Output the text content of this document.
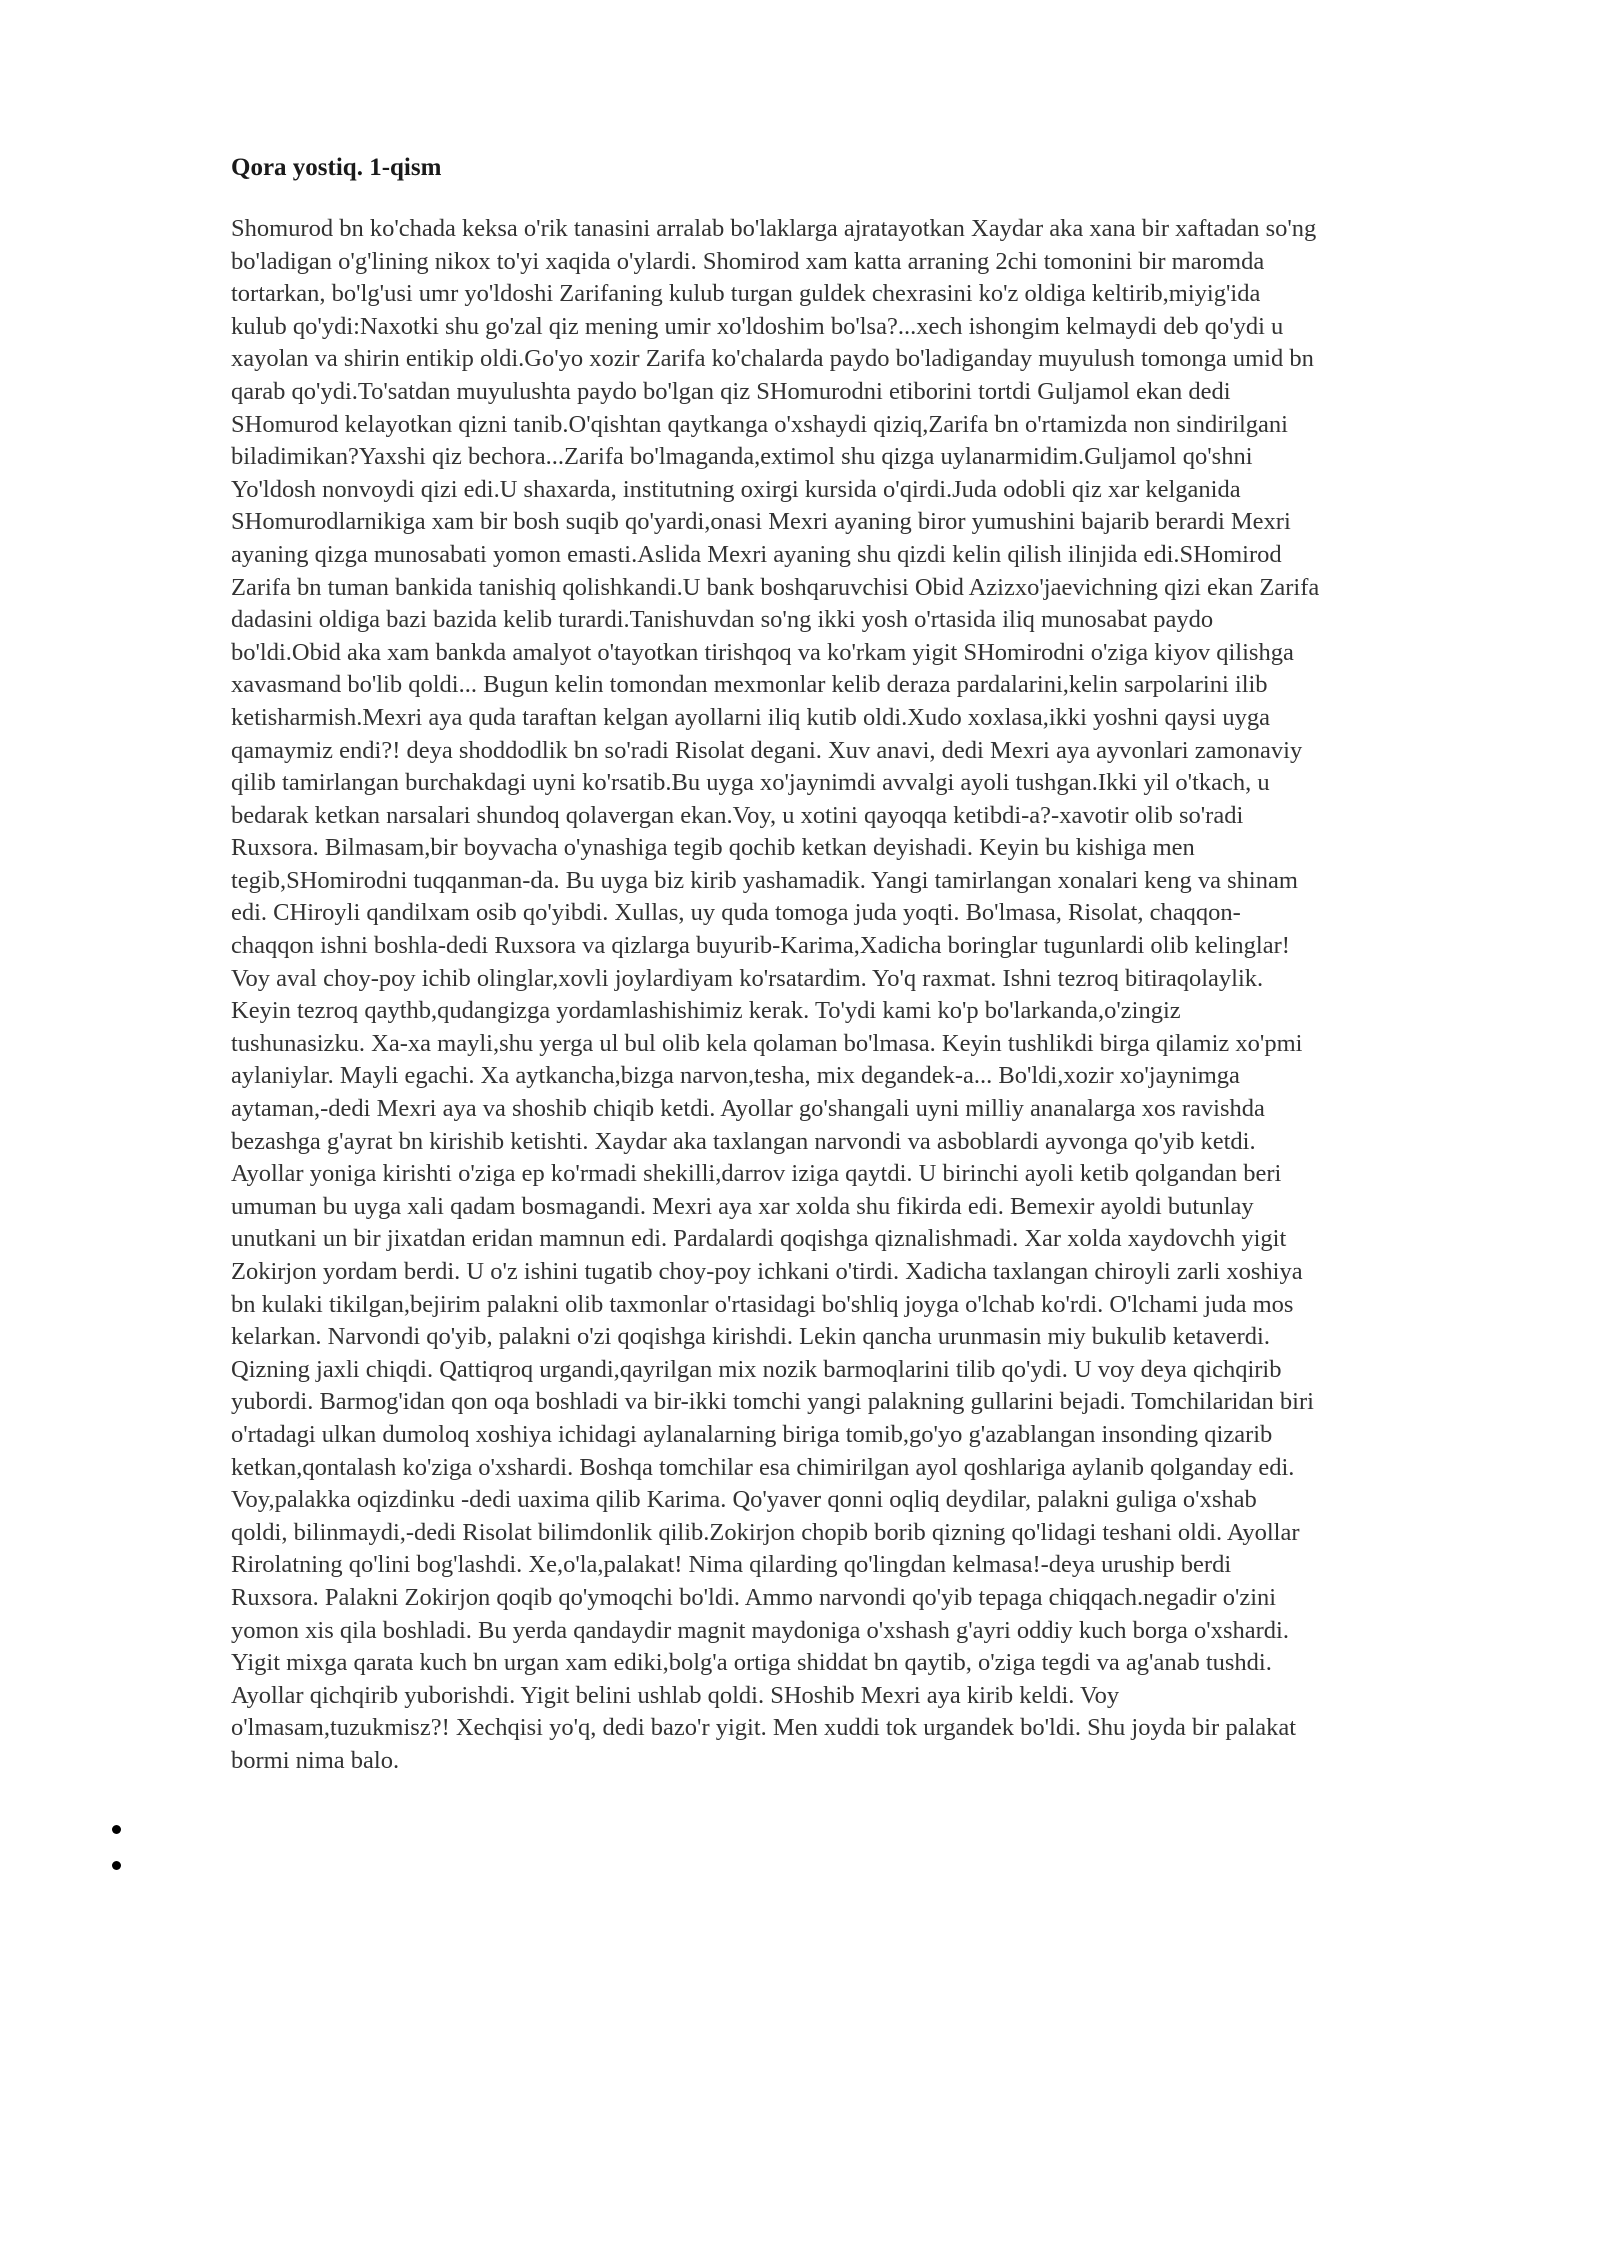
Qora yostiq. 1-qism
Shomurod bn ko'chada keksa o'rik tanasini arralab bo'laklarga ajratayotkan Xaydar aka xana bir xaftadan so'ng
bo'ladigan o'g'lining nikox to'yi xaqida o'ylardi. Shomirod xam katta arraning 2chi tomonini bir maromda
tortarkan, bo'lg'usi umr yo'ldoshi Zarifaning kulub turgan guldek chexrasini ko'z oldiga keltirib,miyig'ida
kulub qo'ydi:Naxotki shu go'zal qiz mening umir xo'ldoshim bo'lsa?...xech ishongim kelmaydi deb qo'ydi u
xayolan va shirin entikip oldi.Go'yo xozir Zarifa ko'chalarda paydo bo'ladiganday muyulush tomonga umid bn
qarab qo'ydi.To'satdan muyulushta paydo bo'lgan qiz SHomurodni etiborini tortdi Guljamol ekan dedi
SHomurod kelayotkan qizni tanib.O'qishtan qaytkanga o'xshaydi qiziq,Zarifa bn o'rtamizda non sindirilgani
biladimikan?Yaxshi qiz bechora...Zarifa bo'lmaganda,extimol shu qizga uylanarmidim.Guljamol qo'shni
Yo'ldosh nonvoydi qizi edi.U shaxarda, institutning oxirgi kursida o'qirdi.Juda odobli qiz xar kelganida
SHomurodlarnikiga xam bir bosh suqib qo'yardi,onasi Mexri ayaning biror yumushini bajarib berardi Mexri
ayaning qizga munosabati yomon emasti.Aslida Mexri ayaning shu qizdi kelin qilish ilinjida edi.SHomirod
Zarifa bn tuman bankida tanishiq qolishkandi.U bank boshqaruvchisi Obid Azizxo'jaevichning qizi ekan Zarifa
dadasini oldiga bazi bazida kelib turardi.Tanishuvdan so'ng ikki yosh o'rtasida iliq munosabat paydo
bo'ldi.Obid aka xam bankda amalyot o'tayotkan tirishqoq va ko'rkam yigit SHomirodni o'ziga kiyov qilishga
xavasmand bo'lib qoldi... Bugun kelin tomondan mexmonlar kelib deraza pardalarini,kelin sarpolarini ilib
ketisharmish.Mexri aya quda taraftan kelgan ayollarni iliq kutib oldi.Xudo xoxlasa,ikki yoshni qaysi uyga
qamaymiz endi?! deya shoddodlik bn so'radi Risolat degani. Xuv anavi, dedi Mexri aya ayvonlari zamonaviy
qilib tamirlangan burchakdagi uyni ko'rsatib.Bu uyga xo'jaynimdi avvalgi ayoli tushgan.Ikki yil o'tkach, u
bedarak ketkan narsalari shundoq qolavergan ekan.Voy, u xotini qayoqqa ketibdi-a?-xavotir olib so'radi
Ruxsora. Bilmasam,bir boyvacha o'ynashiga tegib qochib ketkan deyishadi. Keyin bu kishiga men
tegib,SHomirodni tuqqanman-da. Bu uyga biz kirib yashamadik. Yangi tamirlangan xonalari keng va shinam
edi. CHiroyli qandilxam osib qo'yibdi. Xullas, uy quda tomoga juda yoqti. Bo'lmasa, Risolat, chaqqon-
chaqqon ishni boshla-dedi Ruxsora va qizlarga buyurib-Karima,Xadicha boringlar tugunlardi olib kelinglar!
Voy aval choy-poy ichib olinglar,xovli joylardiyam ko'rsatardim. Yo'q raxmat. Ishni tezroq bitiraqolaylik.
Keyin tezroq qaythb,qudangizga yordamlashishimiz kerak. To'ydi kami ko'p bo'larkanda,o'zingiz
tushunasizku. Xa-xa mayli,shu yerga ul bul olib kela qolaman bo'lmasa. Keyin tushlikdi birga qilamiz xo'pmi
aylaniylar. Mayli egachi. Xa aytkancha,bizga narvon,tesha, mix degandek-a... Bo'ldi,xozir xo'jaynimga
aytaman,-dedi Mexri aya va shoshib chiqib ketdi. Ayollar go'shangali uyni milliy ananalarga xos ravishda
bezashga g'ayrat bn kirishib ketishti. Xaydar aka taxlangan narvondi va asboblardi ayvonga qo'yib ketdi.
Ayollar yoniga kirishti o'ziga ep ko'rmadi shekilli,darrov iziga qaytdi. U birinchi ayoli ketib qolgandan beri
umuman bu uyga xali qadam bosmagandi. Mexri aya xar xolda shu fikirda edi. Bemexir ayoldi butunlay
unutkani un bir jixatdan eridan mamnun edi. Pardalardi qoqishga qiznalishmadi. Xar xolda xaydovchh yigit
Zokirjon yordam berdi. U o'z ishini tugatib choy-poy ichkani o'tirdi. Xadicha taxlangan chiroyli zarli xoshiya
bn kulaki tikilgan,bejirim palakni olib taxmonlar o'rtasidagi bo'shliq joyga o'lchab ko'rdi. O'lchami juda mos
kelarkan. Narvondi qo'yib, palakni o'zi qoqishga kirishdi. Lekin qancha urunmasin miy bukulib ketaverdi.
Qizning jaxli chiqdi. Qattiqroq urgandi,qayrilgan mix nozik barmoqlarini tilib qo'ydi. U voy deya qichqirib
yubordi. Barmog'idan qon oqa boshladi va bir-ikki tomchi yangi palakning gullarini bejadi. Tomchilaridan biri
o'rtadagi ulkan dumoloq xoshiya ichidagi aylanalarning biriga tomib,go'yo g'azablangan insonding qizarib
ketkan,qontalash ko'ziga o'xshardi. Boshqa tomchilar esa chimirilgan ayol qoshlariga aylanib qolganday edi.
Voy,palakka oqizdinku -dedi uaxima qilib Karima. Qo'yaver qonni oqliq deydilar, palakni guliga o'xshab
qoldi, bilinmaydi,-dedi Risolat bilimdonlik qilib.Zokirjon chopib borib qizning qo'lidagi teshani oldi. Ayollar
Rirolatning qo'lini bog'lashdi. Xe,o'la,palakat! Nima qilarding qo'lingdan kelmasa!-deya uruship berdi
Ruxsora. Palakni Zokirjon qoqib qo'ymoqchi bo'ldi. Ammo narvondi qo'yib tepaga chiqqach.negadir o'zini
yomon xis qila boshladi. Bu yerda qandaydir magnit maydoniga o'xshash g'ayri oddiy kuch borga o'xshardi.
Yigit mixga qarata kuch bn urgan xam ediki,bolg'a ortiga shiddat bn qaytib, o'ziga tegdi va ag'anab tushdi.
Ayollar qichqirib yuborishdi. Yigit belini ushlab qoldi. SHoshib Mexri aya kirib keldi. Voy
o'lmasam,tuzukmisz?! Xechqisi yo'q, dedi bazo'r yigit. Men xuddi tok urgandek bo'ldi. Shu joyda bir palakat
bormi nima balo.
